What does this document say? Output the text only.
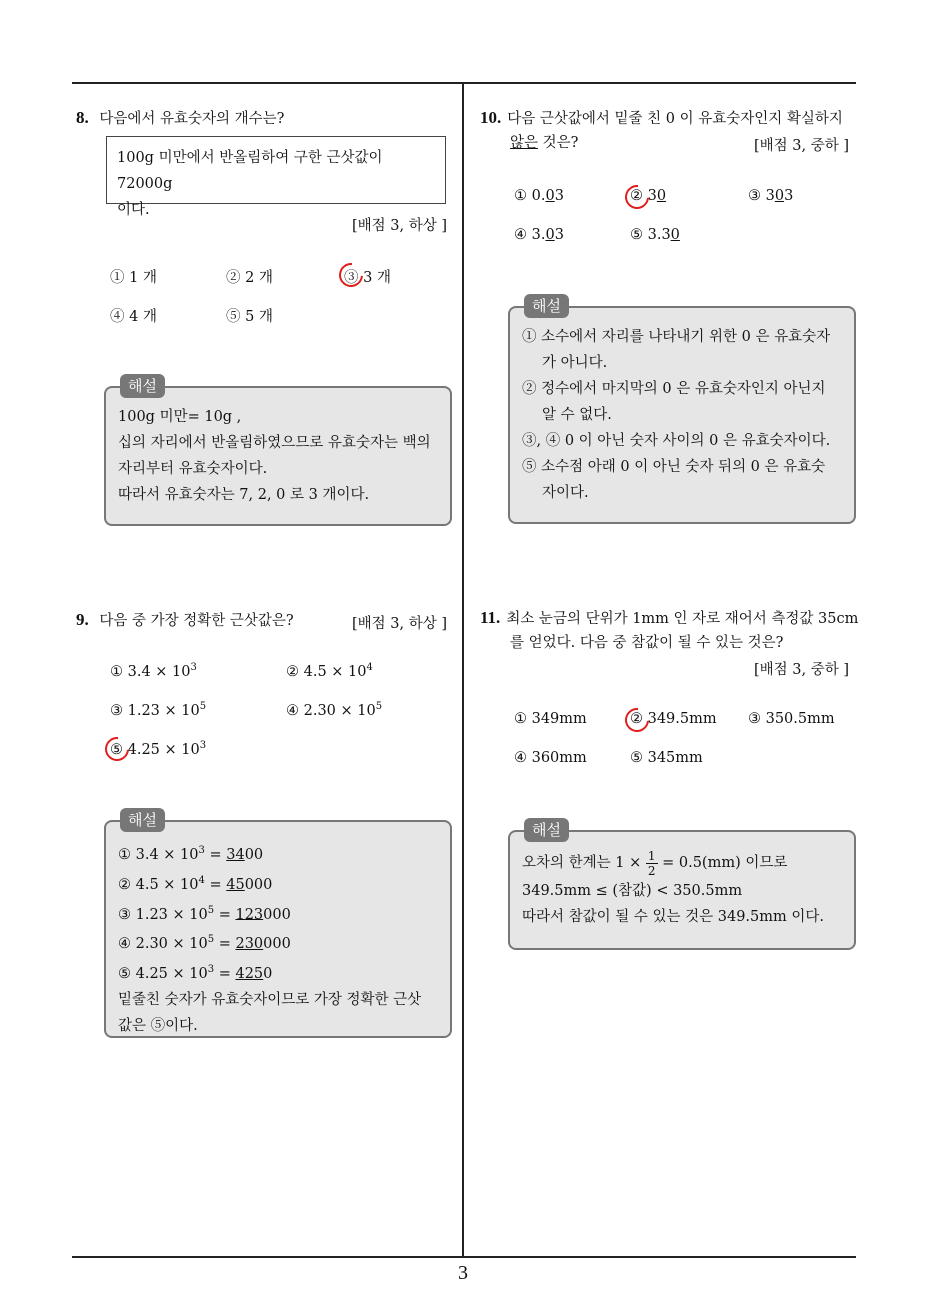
8. 다음에서 유효숫자의 개수는?
100g 미만에서 반올림하여 구한 근삿값이 72000g
이다.
[배점 3, 하상 ]
① 1 개	② 2 개	③ 3 개
④ 4 개	⑤ 5 개
해설
100g 미만= 10g ,
십의 자리에서 반올림하였으므로 유효숫자는 백의
자리부터 유효숫자이다.
따라서 유효숫자는 7, 2, 0 로 3 개이다.
9. 다음 중 가장 정확한 근삿값은?	[배점 3, 하상 ]
① $3.4 \times 10^3$	② $4.5 \times 10^4$
③ $1.23 \times 10^5$	④ $2.30 \times 10^5$
⑤ $4.25 \times 10^3$
해설
① $3.4 \times 10^3 = 3400$
② $4.5 \times 10^4 = 45000$
③ $1.23 \times 10^5 = 123000$
④ $2.30 \times 10^5 = 230000$
⑤ $4.25 \times 10^3 = 4250$
밑줄친 숫자가 유효숫자이므로 가장 정확한 근삿
값은 ⑤이다.
10. 다음 근삿값에서 밑줄 친 0 이 유효숫자인지 확실하지
않은 것은?	[배점 3, 중하 ]
① 0.03	② 30	③ 303
④ 3.03	⑤ 3.30
해설
① 소수에서 자리를 나타내기 위한 0 은 유효숫자
가 아니다.
② 정수에서 마지막의 0 은 유효숫자인지 아닌지
알 수 없다.
③, ④ 0 이 아닌 숫자 사이의 0 은 유효숫자이다.
⑤ 소수점 아래 0 이 아닌 숫자 뒤의 0 은 유효숫
자이다.
11. 최소 눈금의 단위가 1mm 인 자로 재어서 측정값 35cm
를 얻었다. 다음 중 참값이 될 수 있는 것은?
[배점 3, 중하 ]
① 349mm	② 349.5mm ③ 350.5mm
④ 360mm	⑤ 345mm
해설
오차의 한계는 $1 \times \frac{1}{2} = 0.5(mm)$ 이므로
349.5mm ≤ (참값) < 350.5mm
따라서 참값이 될 수 있는 것은 349.5mm 이다.
3
